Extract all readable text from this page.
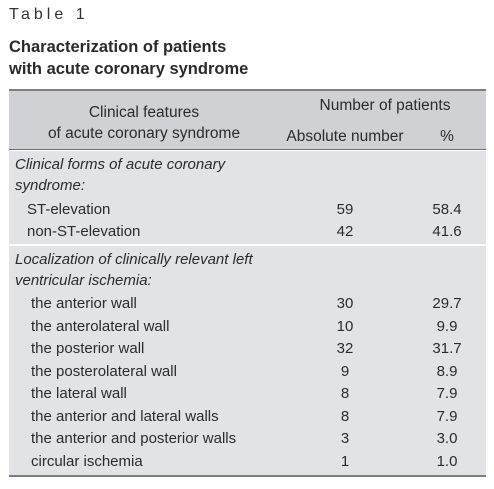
Table 1
Characterization of patients
with acute coronary syndrome
Clinical features
of acute coronary syndrome
Number of patients
Absolute number	%
Clinical forms of acute coronary
syndrome:
ST-elevation	59	58.4
non-ST-elevation	42	41.6
Localization of clinically relevant left
ventricular ischemia:
the anterior wall	30	29.7
the anterolateral wall	10	9.9
the posterior wall	32	31.7
the posterolateral wall	9	8.9
the lateral wall	8	7.9
the anterior and lateral walls	8	7.9
the anterior and posterior walls	3	3.0
circular ischemia	1	1.0
